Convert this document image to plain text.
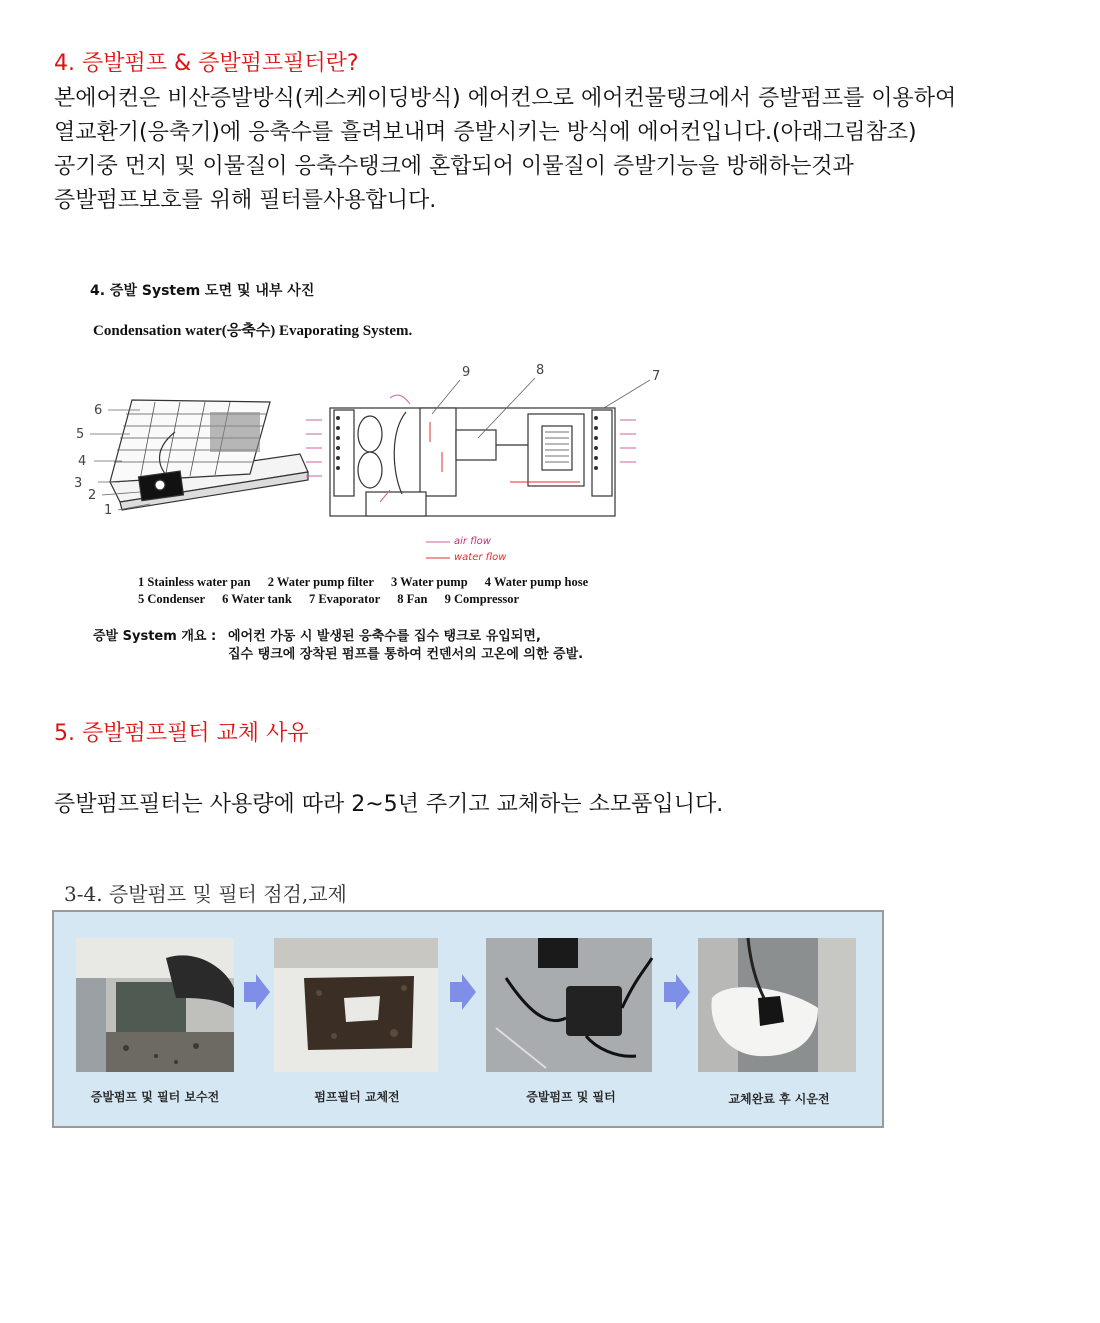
4. 증발펌프 & 증발펌프필터란?
본에어컨은 비산증발방식(케스케이딩방식) 에어컨으로 에어컨물탱크에서 증발펌프를 이용하여
열교환기(응축기)에 응축수를 흘려보내며 증발시키는 방식에 에어컨입니다.(아래그림참조)
공기중 먼지 및 이물질이 응축수탱크에 혼합되어 이물질이 증발기능을 방해하는것과
증발펌프보호를 위해 필터를사용합니다.
4. 증발 System 도면 및 내부 사진
Condensation water(응축수) Evaporating System.
6
5
4
3
2
1
9	8	7
air flow
water flow
1 Stainless water pan 2 Water pump filter 3 Water pump 4 Water pump hose
5 Condenser 6 Water tank 7 Evaporator 8 Fan 9 Compressor
증발 System 개요 : 에어컨 가동 시 발생된 응축수를 집수 탱크로 유입되면,
집수 탱크에 장착된 펌프를 통하여 컨덴서의 고온에 의한 증발.
5. 증발펌프필터 교체 사유
증발펌프필터는 사용량에 따라 2~5년 주기고 교체하는 소모품입니다.
3-4. 증발펌프 및 필터 점검,교제
증발펌프 및 필터 보수전	펌프필터 교체전	증발펌프 및 필터	교체완료 후 시운전
